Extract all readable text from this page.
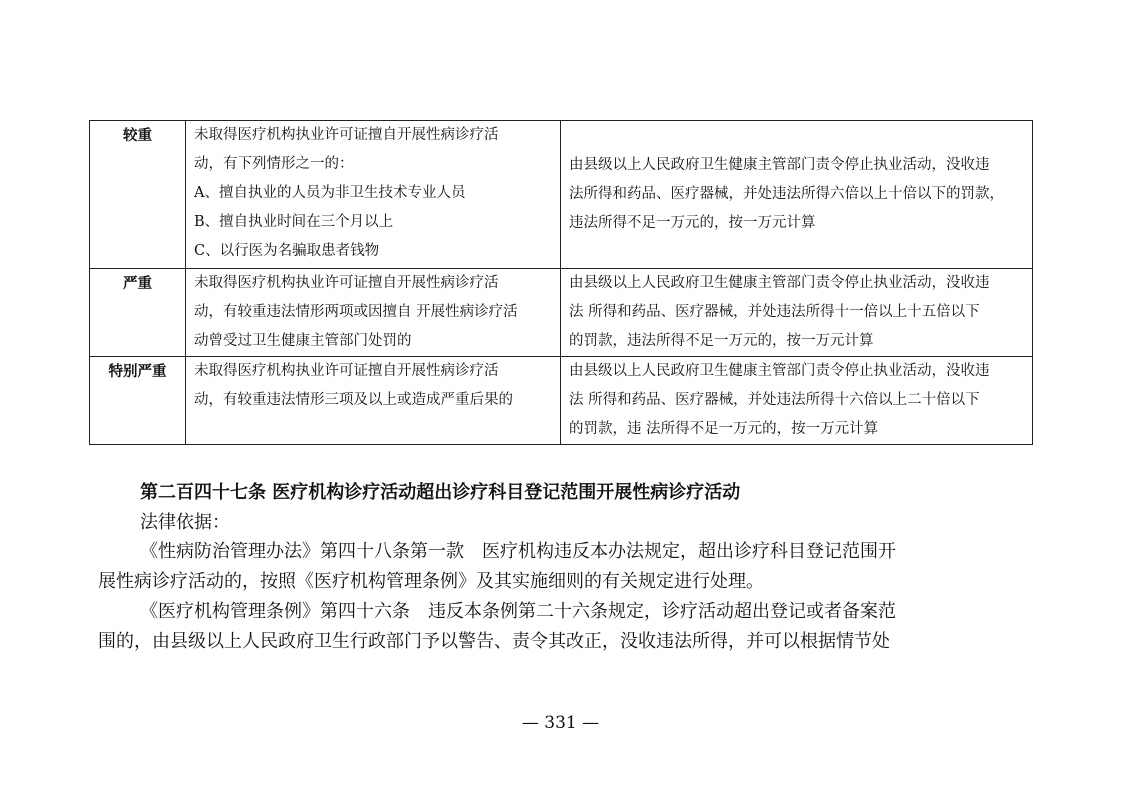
较重	未取得医疗机构执业许可证擅自开展性病诊疗活
动，有下列情形之一的：
A、擅自执业的人员为非卫生技术专业人员
B、擅自执业时间在三个月以上
C、以行医为名骗取患者钱物	由县级以上人民政府卫生健康主管部门责令停止执业活动，没收违
法所得和药品、医疗器械，并处违法所得六倍以上十倍以下的罚款，
违法所得不足一万元的，按一万元计算

严重	未取得医疗机构执业许可证擅自开展性病诊疗活
动，有较重违法情形两项或因擅自 开展性病诊疗活
动曾受过卫生健康主管部门处罚的	由县级以上人民政府卫生健康主管部门责令停止执业活动，没收违
法 所得和药品、医疗器械，并处违法所得十一倍以上十五倍以下
的罚款，违法所得不足一万元的，按一万元计算

特别严重	未取得医疗机构执业许可证擅自开展性病诊疗活
动，有较重违法情形三项及以上或造成严重后果的	由县级以上人民政府卫生健康主管部门责令停止执业活动，没收违
法 所得和药品、医疗器械，并处违法所得十六倍以上二十倍以下
的罚款，违 法所得不足一万元的，按一万元计算
第二百四十七条 医疗机构诊疗活动超出诊疗科目登记范围开展性病诊疗活动
法律依据：
《性病防治管理办法》第四十八条第一款　医疗机构违反本办法规定，超出诊疗科目登记范围开
展性病诊疗活动的，按照《医疗机构管理条例》及其实施细则的有关规定进行处理。
《医疗机构管理条例》第四十六条　违反本条例第二十六条规定，诊疗活动超出登记或者备案范
围的，由县级以上人民政府卫生行政部门予以警告、责令其改正，没收违法所得，并可以根据情节处
— 331 —
